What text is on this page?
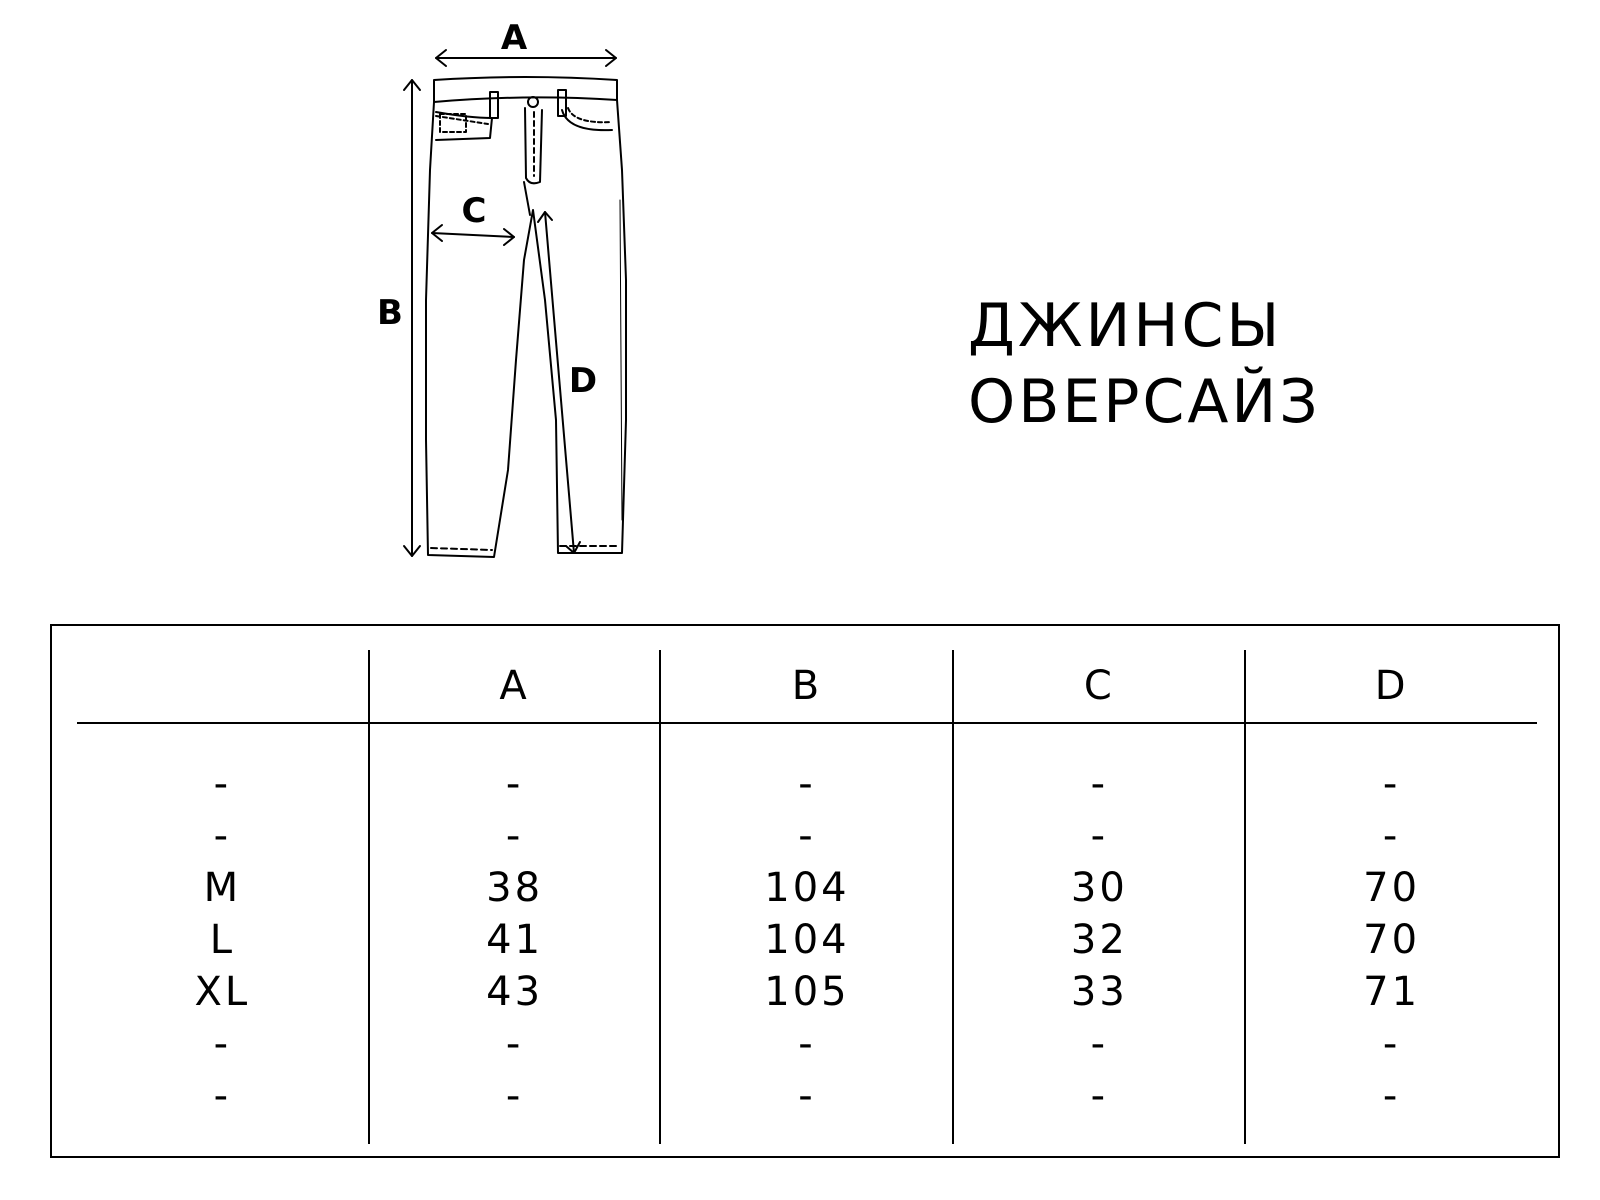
A
B
C
D
ДЖИНСЫ
ОВЕРСАЙЗ
	A	B	C	D
-	-	-	-	-
-	-	-	-	-
M	38	104	30	70
L	41	104	32	70
XL	43	105	33	71
-	-	-	-	-
-	-	-	-	-
